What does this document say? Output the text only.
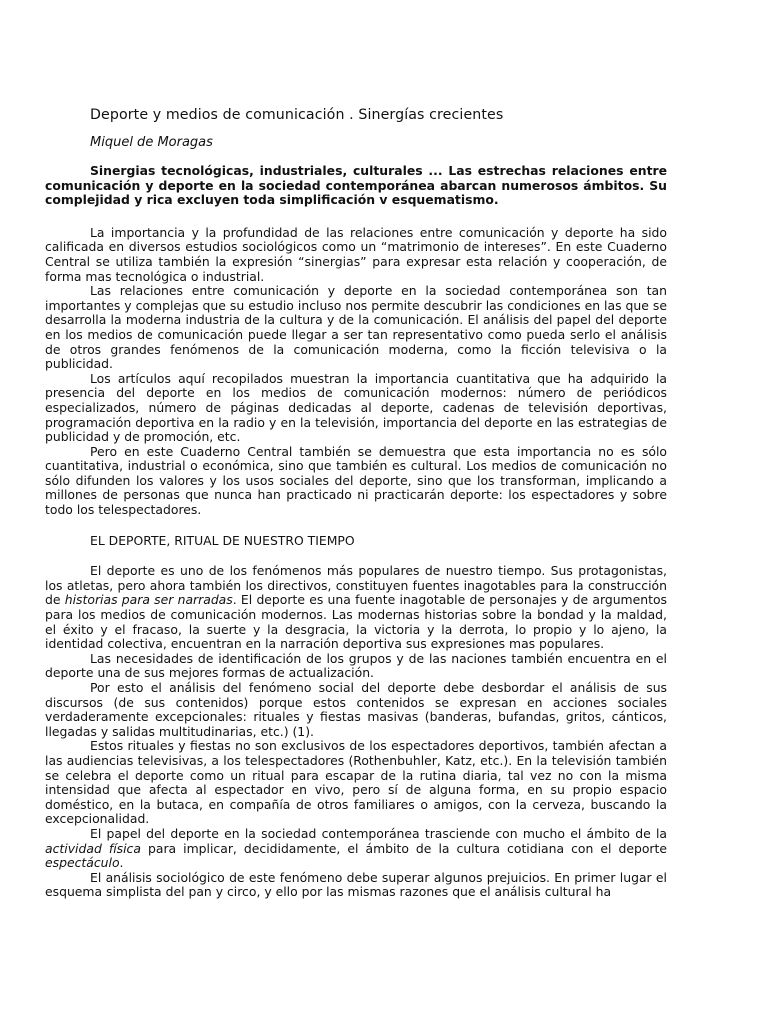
Deporte y medios de comunicación . Sinergías crecientes
Miquel de Moragas

Sinergias tecnológicas, industriales, culturales ... Las estrechas relaciones entre comunicación y deporte en la sociedad contemporánea abarcan numerosos ámbitos. Su complejidad y rica excluyen toda simplificación v esquematismo.

La importancia y la profundidad de las relaciones entre comunicación y deporte ha sido calificada en diversos estudios sociológicos como un “matrimonio de intereses”. En este Cuaderno Central se utiliza también la expresión “sinergias” para expresar esta relación y cooperación, de forma mas tecnológica o industrial.

Las relaciones entre comunicación y deporte en la sociedad contemporánea son tan importantes y complejas que su estudio incluso nos permite descubrir las condiciones en las que se desarrolla la moderna industria de la cultura y de la comunicación. El análisis del papel del deporte en los medios de comunicación puede llegar a ser tan representativo como pueda serlo el análisis de otros grandes fenómenos de la comunicación moderna, como la ficción televisiva o la publicidad.

Los artículos aquí recopilados muestran la importancia cuantitativa que ha adquirido la presencia del deporte en los medios de comunicación modernos: número de periódicos especializados, número de páginas dedicadas al deporte, cadenas de televisión deportivas, programación deportiva en la radio y en la televisión, importancia del deporte en las estrategias de publicidad y de promoción, etc.

Pero en este Cuaderno Central también se demuestra que esta importancia no es sólo cuantitativa, industrial o económica, sino que también es cultural. Los medios de comunicación no sólo difunden los valores y los usos sociales del deporte, sino que los transforman, implicando a millones de personas que nunca han practicado ni practicarán deporte: los espectadores y sobre todo los telespectadores.

EL DEPORTE, RITUAL DE NUESTRO TIEMPO

El deporte es uno de los fenómenos más populares de nuestro tiempo. Sus protagonistas, los atletas, pero ahora también los directivos, constituyen fuentes inagotables para la construcción de historias para ser narradas. El deporte es una fuente inagotable de personajes y de argumentos para los medios de comunicación modernos. Las modernas historias sobre la bondad y la maldad, el éxito y el fracaso, la suerte y la desgracia, la victoria y la derrota, lo propio y lo ajeno, la identidad colectiva, encuentran en la narración deportiva sus expresiones mas populares.

Las necesidades de identificación de los grupos y de las naciones también encuentra en el deporte una de sus mejores formas de actualización.

Por esto el análisis del fenómeno social del deporte debe desbordar el análisis de sus discursos (de sus contenidos) porque estos contenidos se expresan en acciones sociales verdaderamente excepcionales: rituales y fiestas masivas (banderas, bufandas, gritos, cánticos, llegadas y salidas multitudinarias, etc.) (1).

Estos rituales y fiestas no son exclusivos de los espectadores deportivos, también afectan a las audiencias televisivas, a los telespectadores (Rothenbuhler, Katz, etc.). En la televisión también se celebra el deporte como un ritual para escapar de la rutina diaria, tal vez no con la misma intensidad que afecta al espectador en vivo, pero sí de alguna forma, en su propio espacio doméstico, en la butaca, en compañía de otros familiares o amigos, con la cerveza, buscando la excepcionalidad.

El papel del deporte en la sociedad contemporánea trasciende con mucho el ámbito de la actividad física para implicar, decididamente, el ámbito de la cultura cotidiana con el deporte espectáculo.

El análisis sociológico de este fenómeno debe superar algunos prejuicios. En primer lugar el esquema simplista del pan y circo, y ello por las mismas razones que el análisis cultural ha
